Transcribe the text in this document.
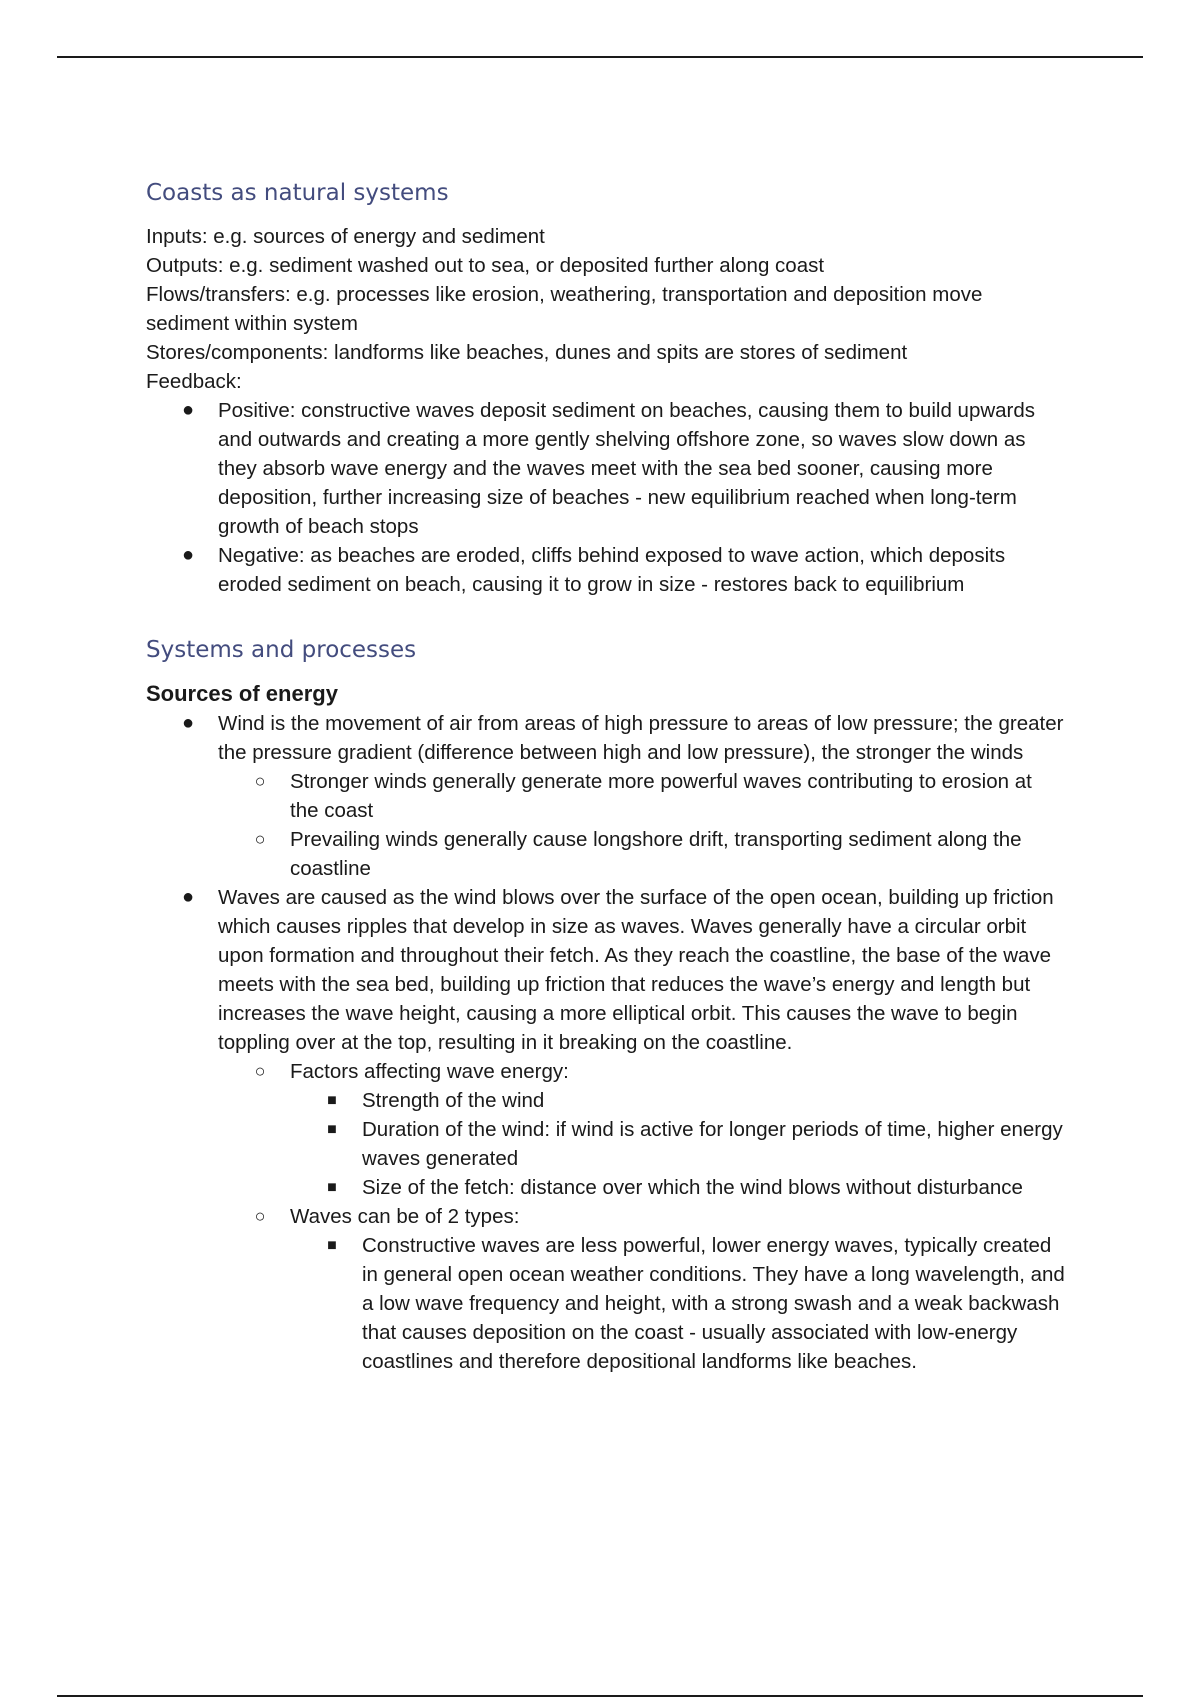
Coasts as natural systems

Inputs: e.g. sources of energy and sediment

Outputs: e.g. sediment washed out to sea, or deposited further along coast

Flows/transfers: e.g. processes like erosion, weathering, transportation and deposition move sediment within system

Stores/components: landforms like beaches, dunes and spits are stores of sediment

Feedback:

● Positive: constructive waves deposit sediment on beaches, causing them to build upwards and outwards and creating a more gently shelving offshore zone, so waves slow down as they absorb wave energy and the waves meet with the sea bed sooner, causing more deposition, further increasing size of beaches - new equilibrium reached when long-term growth of beach stops
● Negative: as beaches are eroded, cliffs behind exposed to wave action, which deposits eroded sediment on beach, causing it to grow in size - restores back to equilibrium
Systems and processes

Sources of energy

● Wind is the movement of air from areas of high pressure to areas of low pressure; the greater the pressure gradient (difference between high and low pressure), the stronger the winds
○ Stronger winds generally generate more powerful waves contributing to erosion at the coast
○ Prevailing winds generally cause longshore drift, transporting sediment along the coastline
● Waves are caused as the wind blows over the surface of the open ocean, building up friction which causes ripples that develop in size as waves. Waves generally have a circular orbit upon formation and throughout their fetch. As they reach the coastline, the base of the wave meets with the sea bed, building up friction that reduces the wave’s energy and length but increases the wave height, causing a more elliptical orbit. This causes the wave to begin toppling over at the top, resulting in it breaking on the coastline.
○ Factors affecting wave energy:
■ Strength of the wind
■ Duration of the wind: if wind is active for longer periods of time, higher energy waves generated
■ Size of the fetch: distance over which the wind blows without disturbance
○ Waves can be of 2 types:
■ Constructive waves are less powerful, lower energy waves, typically created in general open ocean weather conditions. They have a long wavelength, and a low wave frequency and height, with a strong swash and a weak backwash that causes deposition on the coast - usually associated with low-energy coastlines and therefore depositional landforms like beaches.
